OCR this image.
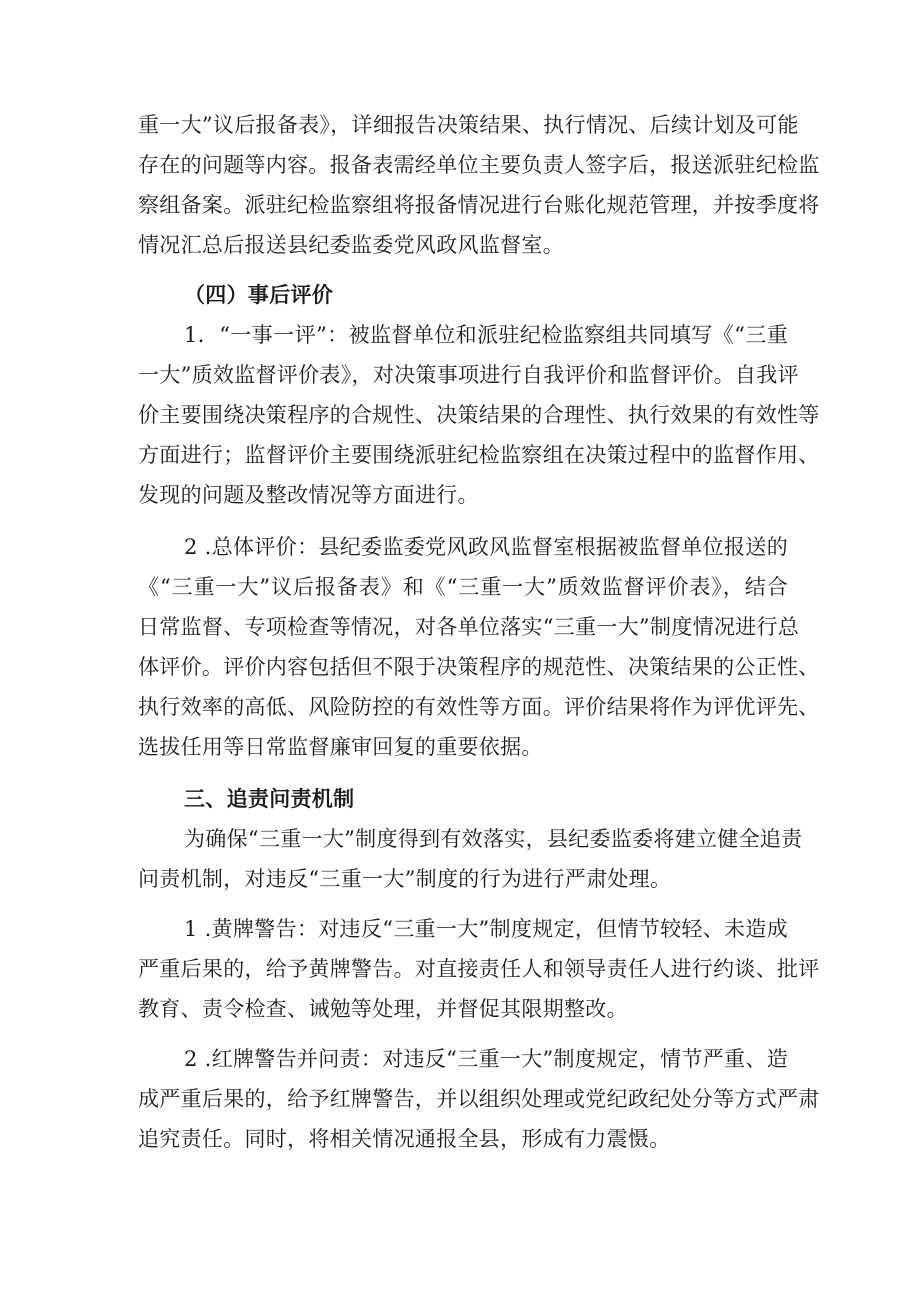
重一大”议后报备表》，详细报告决策结果、执行情况、后续计划及可能
存在的问题等内容。报备表需经单位主要负责人签字后，报送派驻纪检监
察组备案。派驻纪检监察组将报备情况进行台账化规范管理，并按季度将
情况汇总后报送县纪委监委党风政风监督室。
（四）事后评价
1．“一事一评”：被监督单位和派驻纪检监察组共同填写《“三重
一大”质效监督评价表》，对决策事项进行自我评价和监督评价。自我评
价主要围绕决策程序的合规性、决策结果的合理性、执行效果的有效性等
方面进行；监督评价主要围绕派驻纪检监察组在决策过程中的监督作用、
发现的问题及整改情况等方面进行。
2 .总体评价：县纪委监委党风政风监督室根据被监督单位报送的
《“三重一大”议后报备表》和《“三重一大”质效监督评价表》，结合
日常监督、专项检查等情况，对各单位落实“三重一大”制度情况进行总
体评价。评价内容包括但不限于决策程序的规范性、决策结果的公正性、
执行效率的高低、风险防控的有效性等方面。评价结果将作为评优评先、
选拔任用等日常监督廉审回复的重要依据。
三、追责问责机制
为确保“三重一大”制度得到有效落实，县纪委监委将建立健全追责
问责机制，对违反“三重一大”制度的行为进行严肃处理。
1 .黄牌警告：对违反“三重一大”制度规定，但情节较轻、未造成
严重后果的，给予黄牌警告。对直接责任人和领导责任人进行约谈、批评
教育、责令检查、诫勉等处理，并督促其限期整改。
2 .红牌警告并问责：对违反“三重一大”制度规定，情节严重、造
成严重后果的，给予红牌警告，并以组织处理或党纪政纪处分等方式严肃
追究责任。同时，将相关情况通报全县，形成有力震慑。
